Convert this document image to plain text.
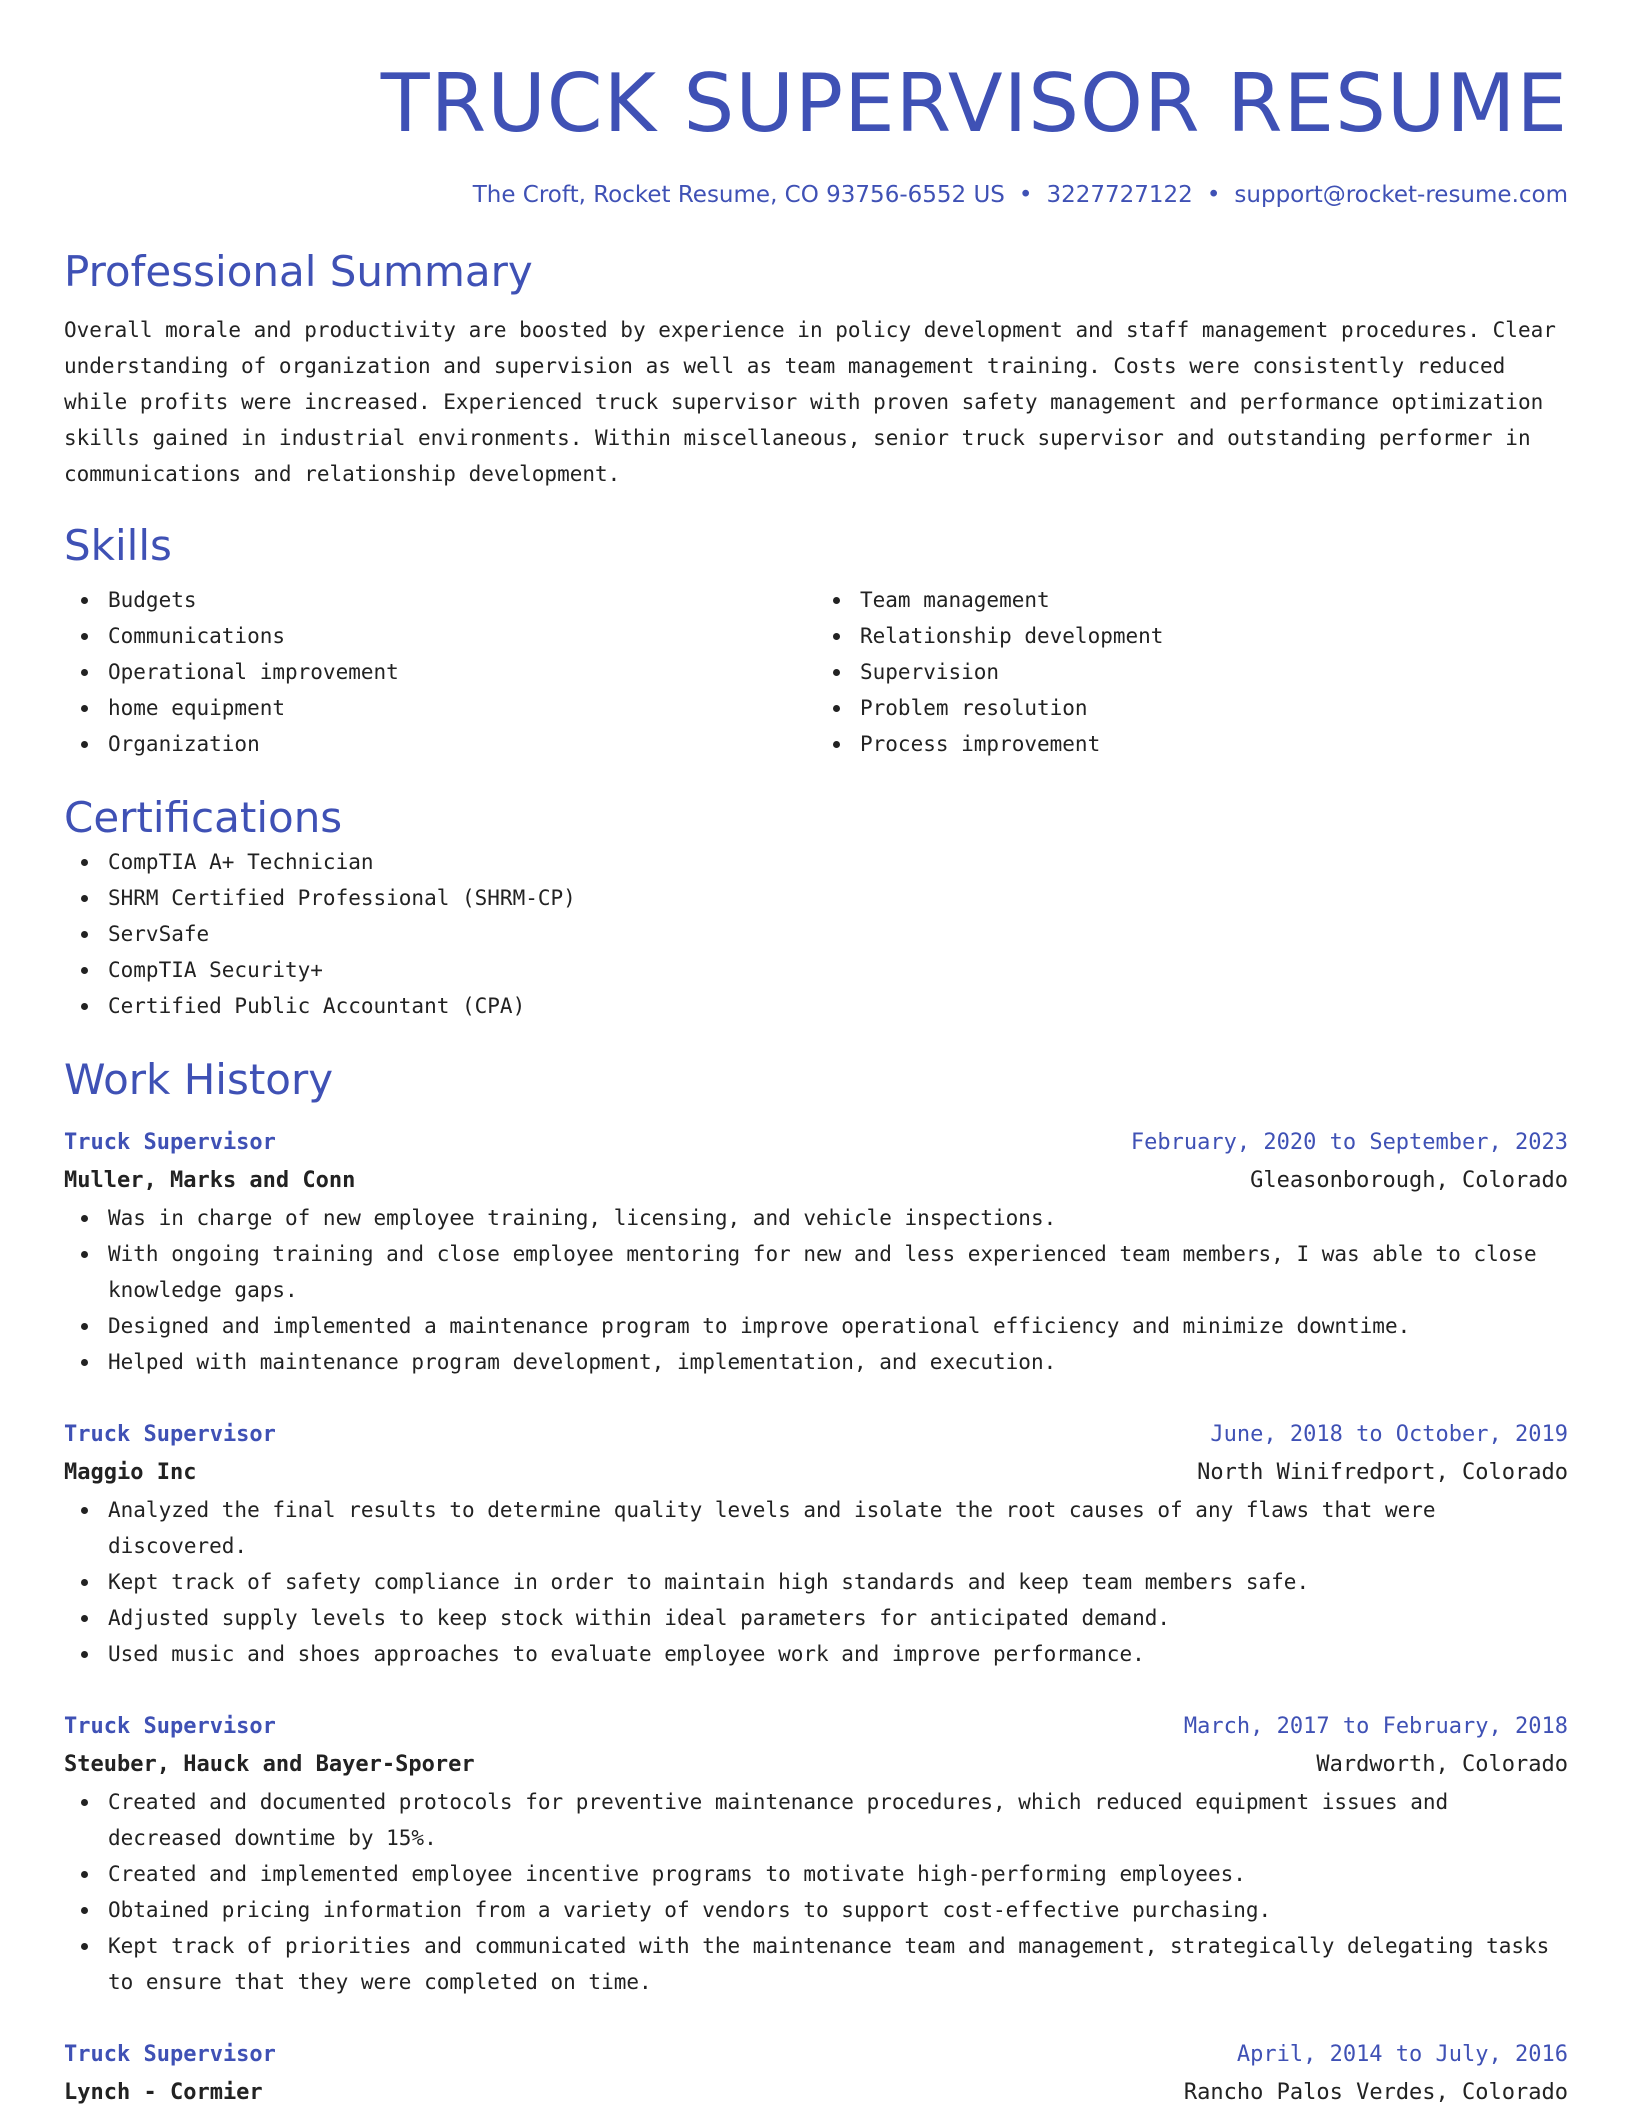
TRUCK SUPERVISOR RESUME
The Croft, Rocket Resume, CO 93756-6552 US • 3227727122 • support@rocket-resume.com
Professional Summary
Overall morale and productivity are boosted by experience in policy development and staff management procedures. Clear understanding of organization and supervision as well as team management training. Costs were consistently reduced while profits were increased. Experienced truck supervisor with proven safety management and performance optimization skills gained in industrial environments. Within miscellaneous, senior truck supervisor and outstanding performer in communications and relationship development.
Skills
Budgets
Communications
Operational improvement
home equipment
Organization
Team management
Relationship development
Supervision
Problem resolution
Process improvement
Certifications
CompTIA A+ Technician
SHRM Certified Professional (SHRM-CP)
ServSafe
CompTIA Security+
Certified Public Accountant (CPA)
Work History
Truck Supervisor	February, 2020 to September, 2023
Muller, Marks and Conn	Gleasonborough, Colorado
Was in charge of new employee training, licensing, and vehicle inspections.
With ongoing training and close employee mentoring for new and less experienced team members, I was able to close knowledge gaps.
Designed and implemented a maintenance program to improve operational efficiency and minimize downtime.
Helped with maintenance program development, implementation, and execution.
Truck Supervisor	June, 2018 to October, 2019
Maggio Inc	North Winifredport, Colorado
Analyzed the final results to determine quality levels and isolate the root causes of any flaws that were discovered.
Kept track of safety compliance in order to maintain high standards and keep team members safe.
Adjusted supply levels to keep stock within ideal parameters for anticipated demand.
Used music and shoes approaches to evaluate employee work and improve performance.
Truck Supervisor	March, 2017 to February, 2018
Steuber, Hauck and Bayer-Sporer	Wardworth, Colorado
Created and documented protocols for preventive maintenance procedures, which reduced equipment issues and decreased downtime by 15%.
Created and implemented employee incentive programs to motivate high-performing employees.
Obtained pricing information from a variety of vendors to support cost-effective purchasing.
Kept track of priorities and communicated with the maintenance team and management, strategically delegating tasks to ensure that they were completed on time.
Truck Supervisor	April, 2014 to July, 2016
Lynch - Cormier	Rancho Palos Verdes, Colorado
